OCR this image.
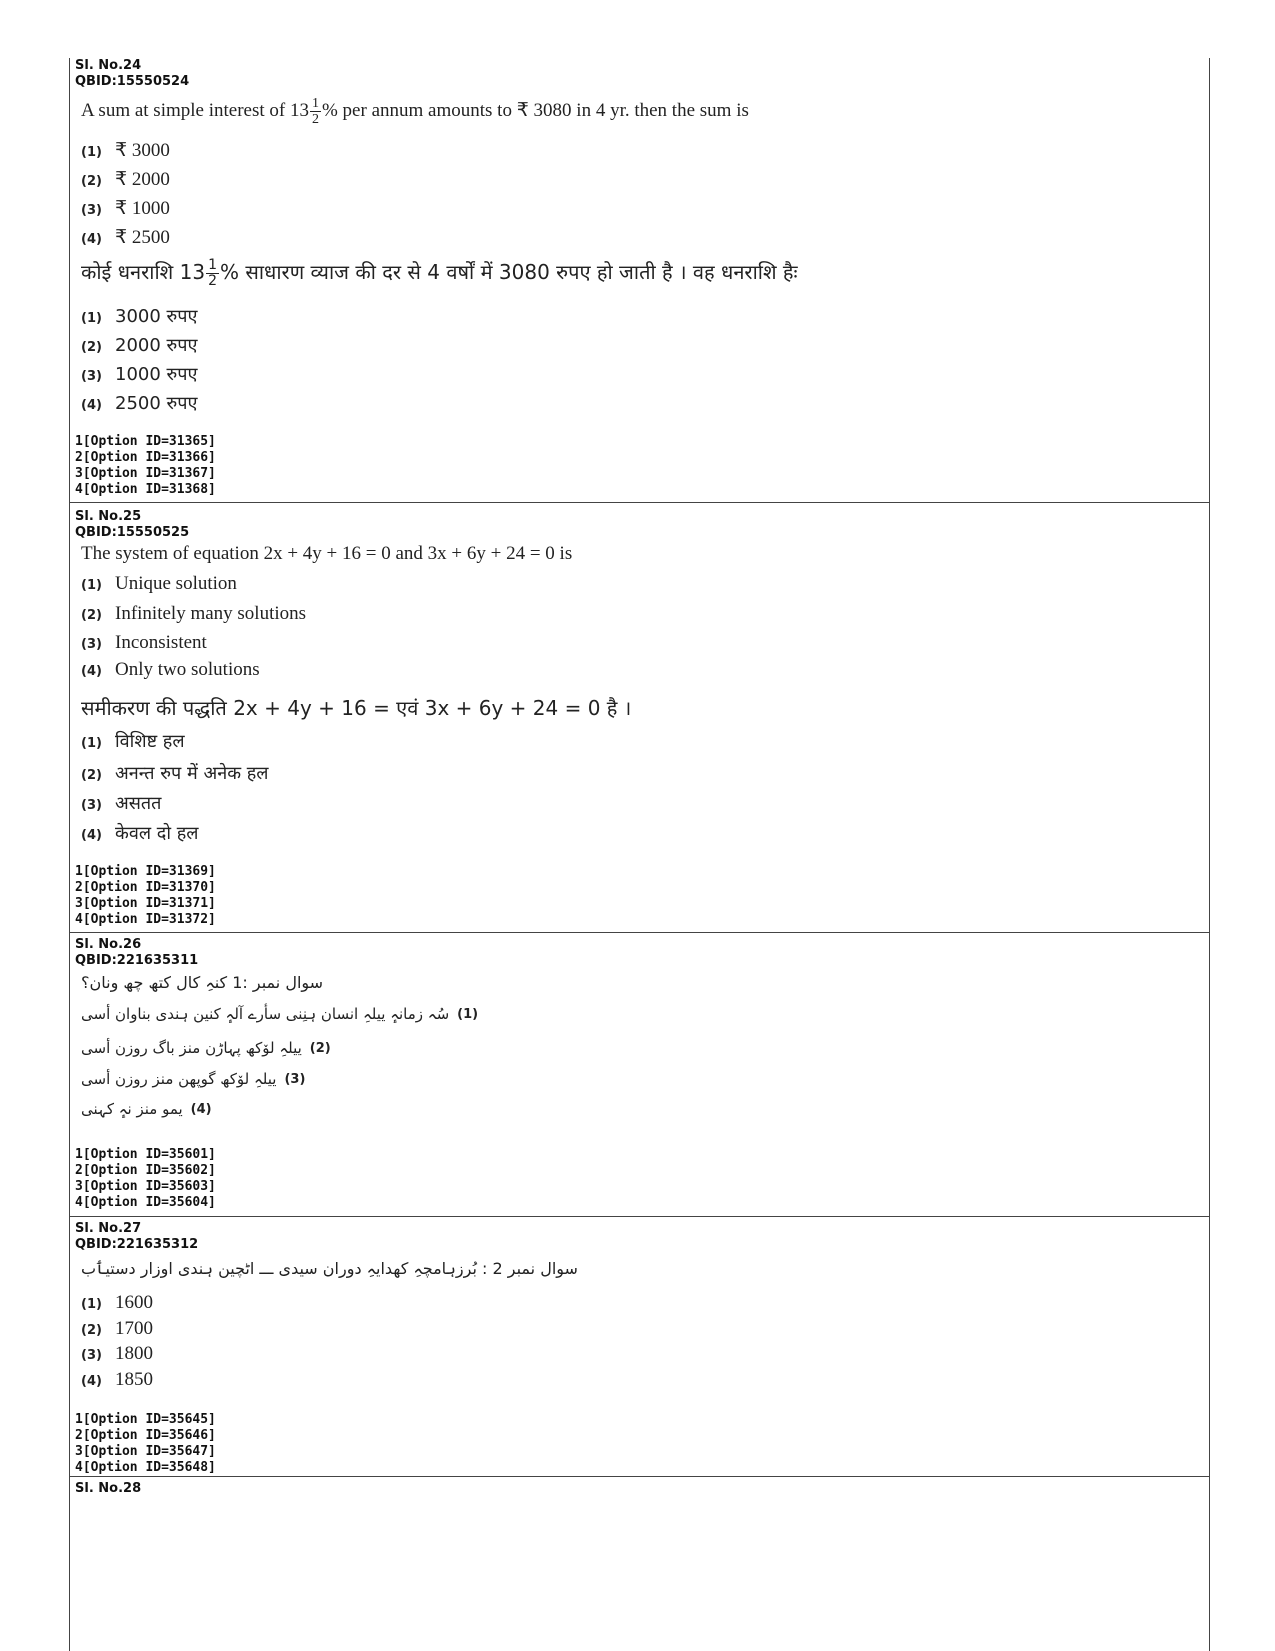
Sl. No.24
QBID:15550524
A sum at simple interest of $13 \frac{1}{2}$ % per annum amounts to ₹ 3080 in 4 yr. then the sum is
(1) ₹ 3000
(2) ₹ 2000
(3) ₹ 1000
(4) ₹ 2500
कोई धनराशि $13 \frac{1}{2}$ % साधारण व्याज की दर से 4 वर्षों में 3080 रुपए हो जाती है । वह धनराशि हैः
(1) 3000 रुपए
(2) 2000 रुपए
(3) 1000 रुपए
(4) 2500 रुपए
1[Option ID=31365]
2[Option ID=31366]
3[Option ID=31367]
4[Option ID=31368]
Sl. No.25
QBID:15550525
The system of equation 2x + 4y + 16 = 0 and 3x + 6y + 24 = 0 is
(1) Unique solution
(2) Infinitely many solutions
(3) Inconsistent
(4) Only two solutions
समीकरण की पद्धति 2x + 4y + 16 = एवं 3x + 6y + 24 = 0 है ।
(1) विशिष्ट हल
(2) अनन्त रुप में अनेक हल
(3) असतत
(4) केवल दो हल
1[Option ID=31369]
2[Option ID=31370]
3[Option ID=31371]
4[Option ID=31372]
Sl. No.26
QBID:221635311
سوال نمبر :1 کنہِ کال کتھ چھ ونان؟
(1)
سُہ زمانہٕ ییلہِ انسان ہنِنی سأرے آلہٕ کنین ہندی بناوان أسی
(2)
ییلہِ لۆکھ پہاڑن منز باگ روزن أسی
(3)
ییلہِ لۆکھ گوپھن منز روزن أسی
(4)
یمو منز نہٕ کہنی
1[Option ID=35601]
2[Option ID=35602]
3[Option ID=35603]
4[Option ID=35604]
Sl. No.27
QBID:221635312
سوال نمبر 2 : بُرزہامچہِ کھدایہِ دوران سیدی ـــ اٹچین ہندی اوزار دستیٲب
(1) 1600
(2) 1700
(3) 1800
(4) 1850
1[Option ID=35645]
2[Option ID=35646]
3[Option ID=35647]
4[Option ID=35648]
Sl. No.28
